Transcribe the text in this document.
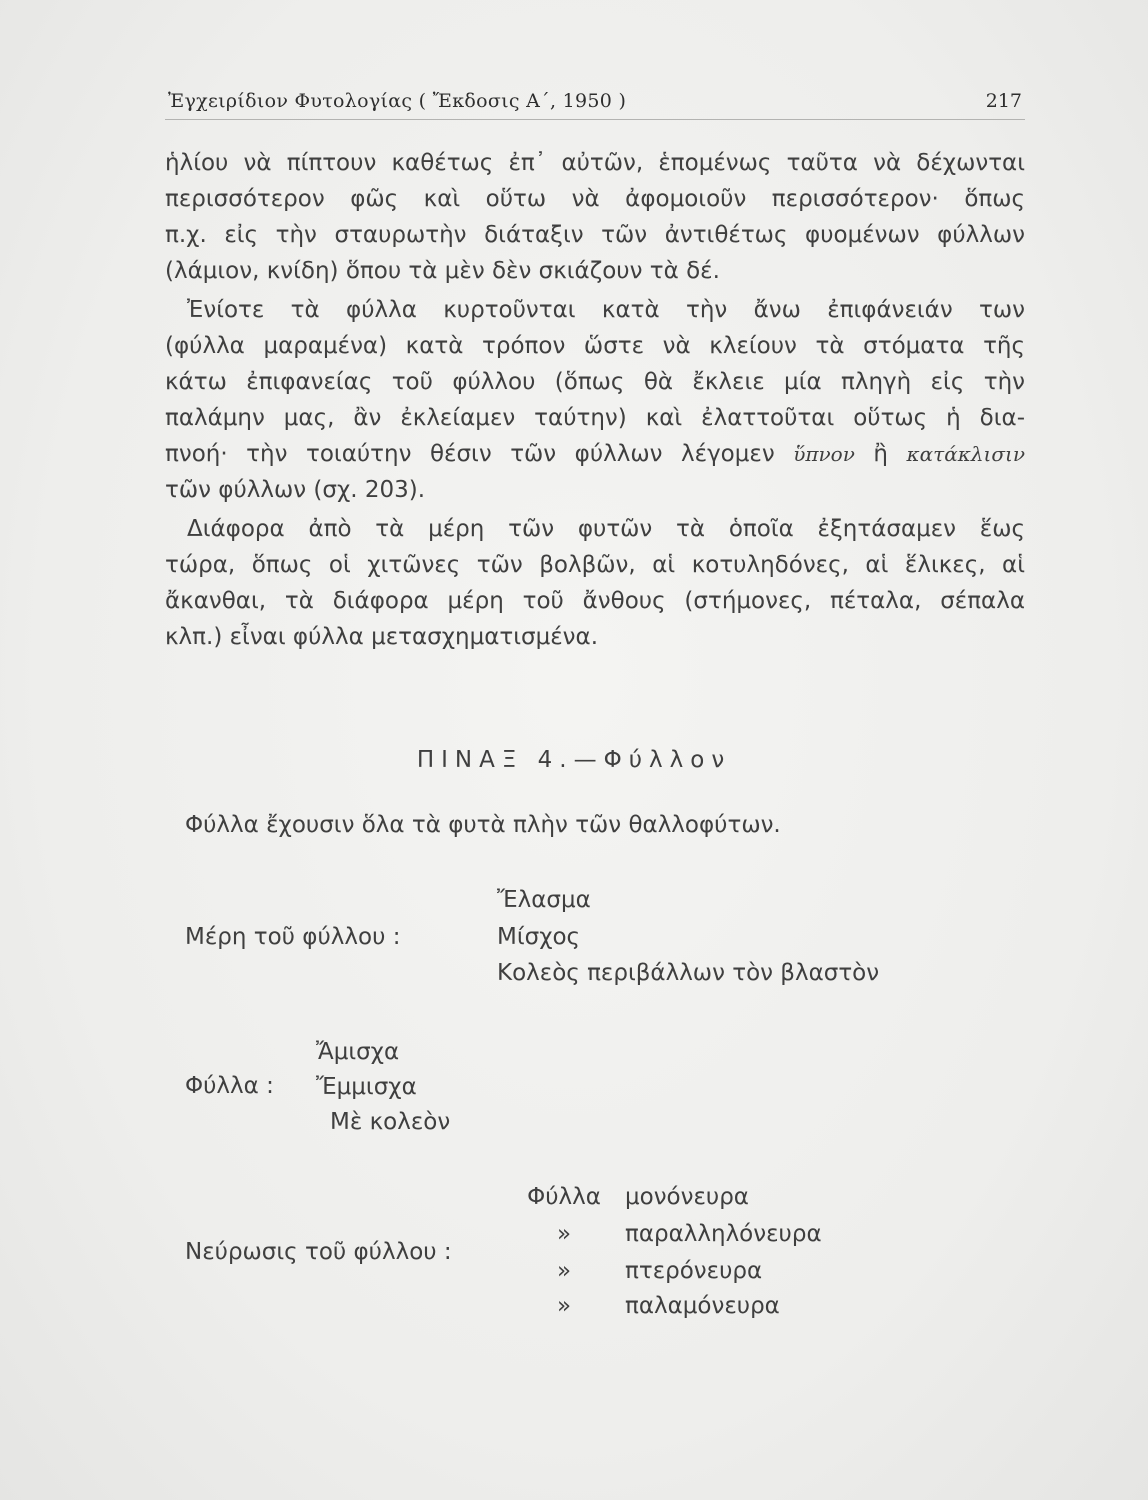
Ἐγχειρίδιον Φυτολογίας ( Ἔκδοσις Α΄, 1950 )	217
ἡλίου νὰ πίπτουν καθέτως ἐπ᾽ αὐτῶν, ἑπομένως ταῦτα νὰ δέχωνται
περισσότερον φῶς καὶ οὕτω νὰ ἀφομοιοῦν περισσότερον· ὅπως
π.χ. εἰς τὴν σταυρωτὴν διάταξιν τῶν ἀντιθέτως φυομένων φύλλων
(λάμιον, κνίδη) ὅπου τὰ μὲν δὲν σκιάζουν τὰ δέ.
Ἐνίοτε τὰ φύλλα κυρτοῦνται κατὰ τὴν ἄνω ἐπιφάνειάν των
(φύλλα μαραμένα) κατὰ τρόπον ὥστε νὰ κλείουν τὰ στόματα τῆς
κάτω ἐπιφανείας τοῦ φύλλου (ὅπως θὰ ἔκλειε μία πληγὴ εἰς τὴν
παλάμην μας, ἂν ἐκλείαμεν ταύτην) καὶ ἐλαττοῦται οὕτως ἡ δια-
πνοή· τὴν τοιαύτην θέσιν τῶν φύλλων λέγομεν ὕπνον ἢ κατάκλισιν
τῶν φύλλων (σχ. 203).
Διάφορα ἀπὸ τὰ μέρη τῶν φυτῶν τὰ ὁποῖα ἐξητάσαμεν ἕως
τώρα, ὅπως οἱ χιτῶνες τῶν βολβῶν, αἱ κοτυληδόνες, αἱ ἕλικες, αἱ
ἄκανθαι, τὰ διάφορα μέρη τοῦ ἄνθους (στήμονες, πέταλα, σέπαλα
κλπ.) εἶναι φύλλα μετασχηματισμένα.
ΠΙΝΑΞ 4.—Φύλλον
Φύλλα ἔχουσιν ὅλα τὰ φυτὰ πλὴν τῶν θαλλοφύτων.
Μέρη τοῦ φύλλου :
Ἔλασμα
Μίσχος
Κολεὸς περιβάλλων τὸν βλαστὸν
Φύλλα :
Ἄμισχα
Ἔμμισχα
Μὲ κολεὸν
Νεύρωσις τοῦ φύλλου :
Φύλλα μονόνευρα
» παραλληλόνευρα
» πτερόνευρα
» παλαμόνευρα
